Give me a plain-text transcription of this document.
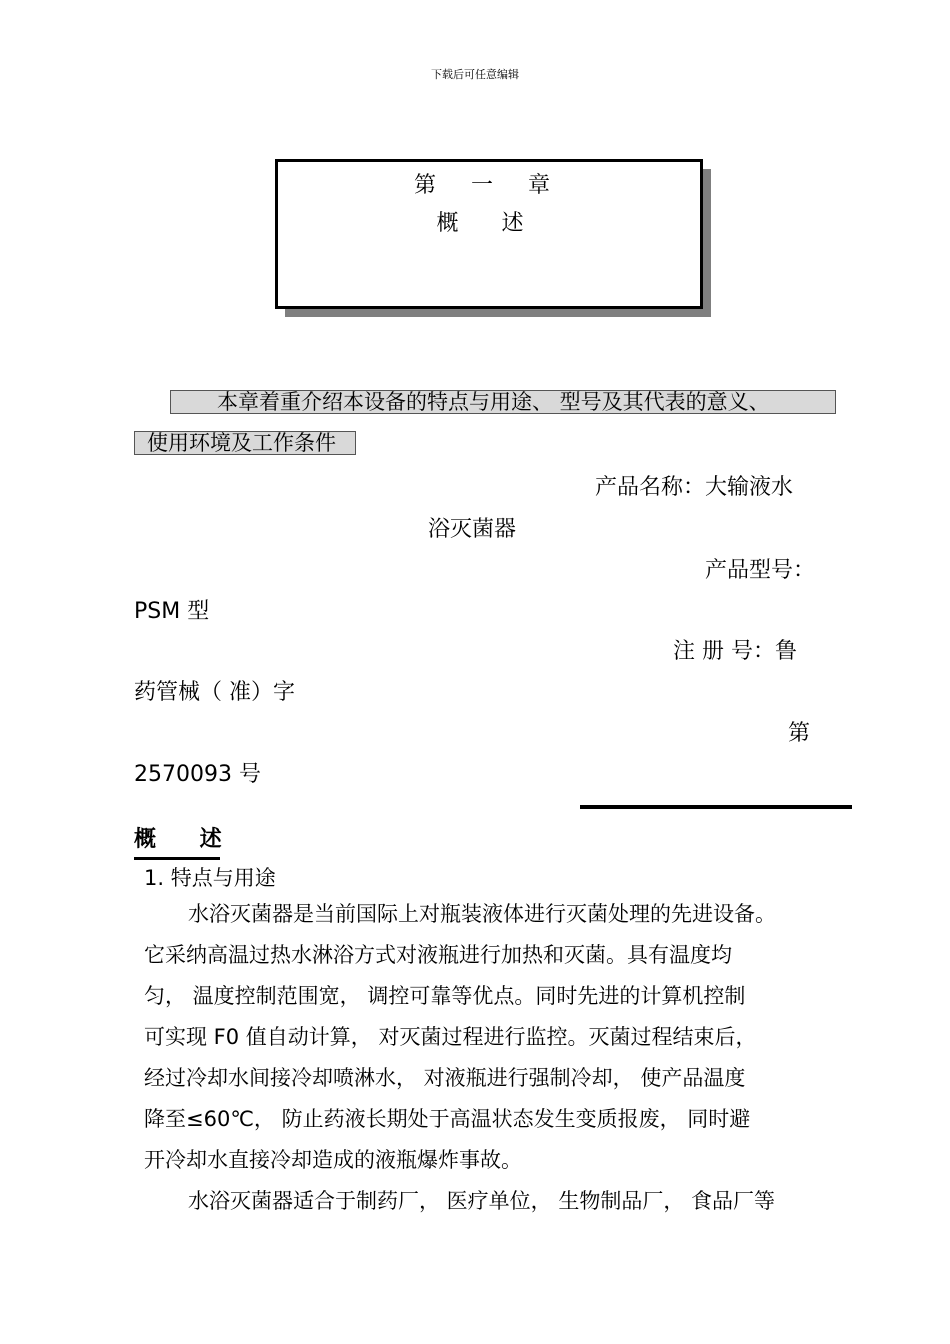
下载后可任意编辑
第 一 章
概 述
本章着重介绍本设备的特点与用途、 型号及其代表的意义、
使用环境及工作条件
产品名称：大输液水
浴灭菌器
产品型号：
PSM 型
注 册 号：鲁
药管械（ 准）字
第
2570093 号
概 述
1. 特点与用途
水浴灭菌器是当前国际上对瓶装液体进行灭菌处理的先进设备。
它采纳高温过热水淋浴方式对液瓶进行加热和灭菌。具有温度均
匀， 温度控制范围宽， 调控可靠等优点。同时先进的计算机控制
可实现 F0 值自动计算， 对灭菌过程进行监控。灭菌过程结束后，
经过冷却水间接冷却喷淋水， 对液瓶进行强制冷却， 使产品温度
降至≤60℃， 防止药液长期处于高温状态发生变质报废， 同时避
开冷却水直接冷却造成的液瓶爆炸事故。
水浴灭菌器适合于制药厂， 医疗单位， 生物制品厂， 食品厂等
